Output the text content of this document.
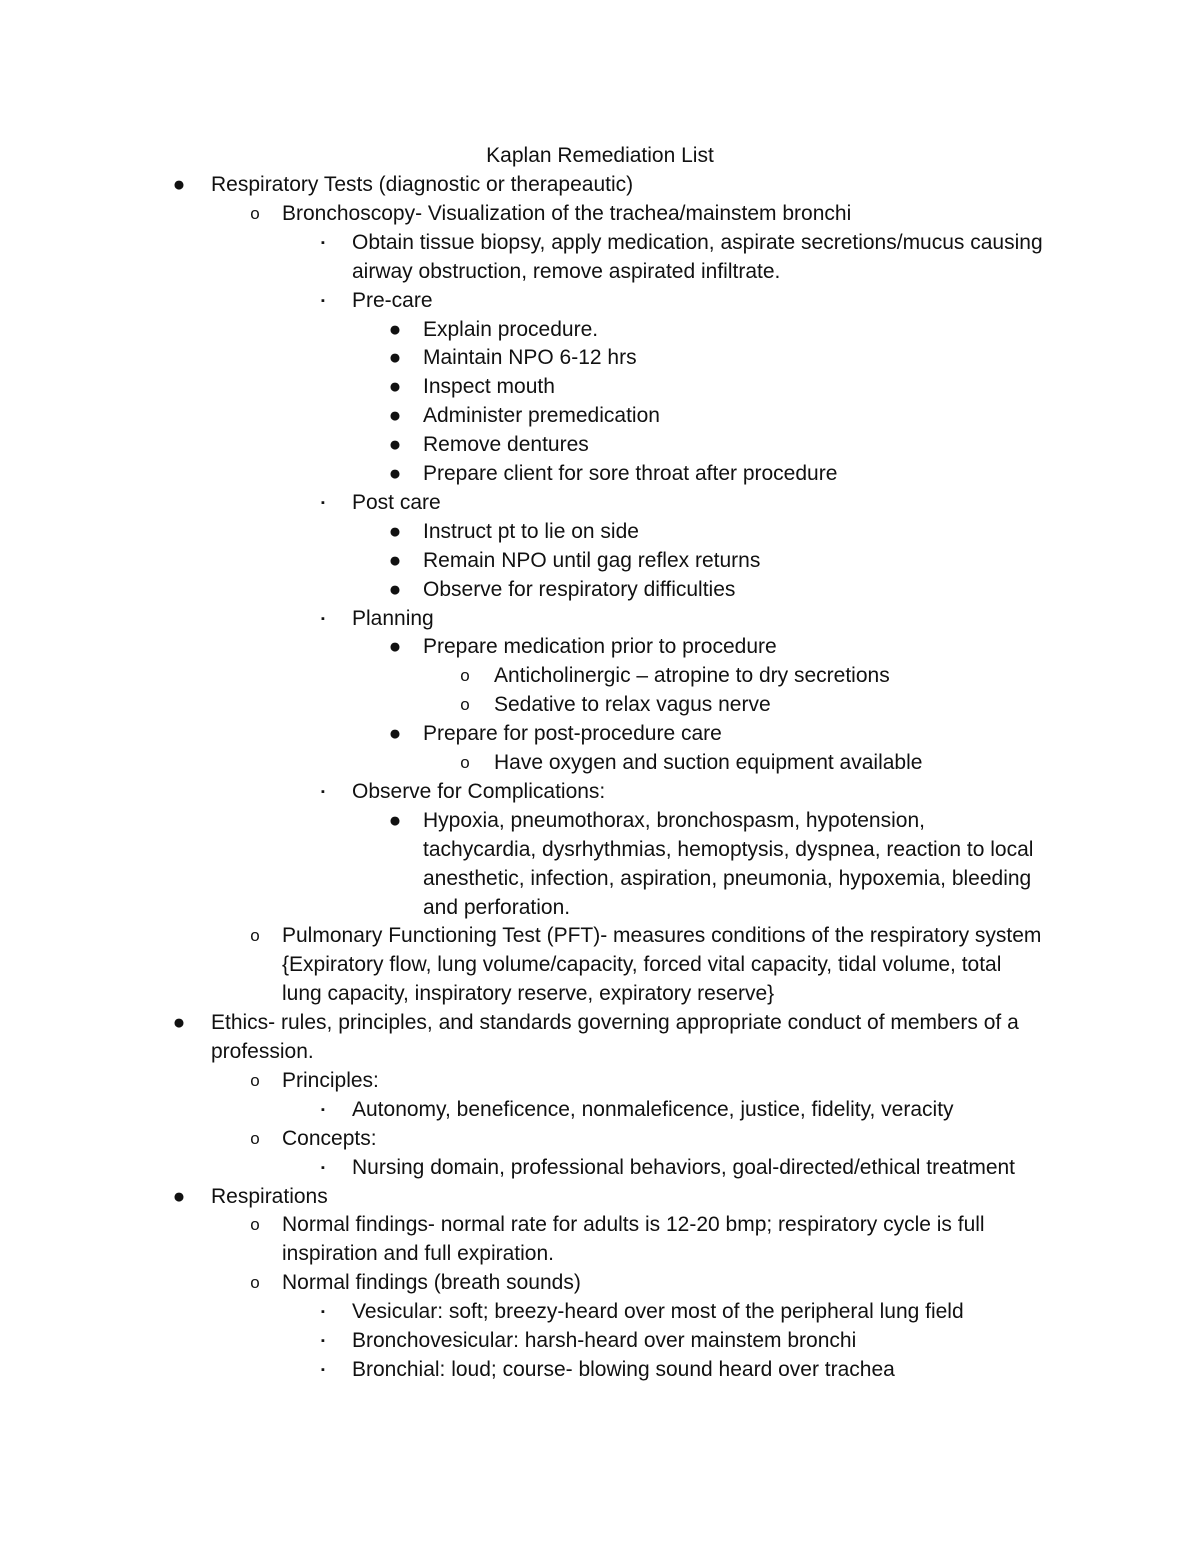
Kaplan Remediation List
● Respiratory Tests (diagnostic or therapeautic)
o Bronchoscopy- Visualization of the trachea/mainstem bronchi
▪ Obtain tissue biopsy, apply medication, aspirate secretions/mucus causing
airway obstruction, remove aspirated infiltrate.
▪ Pre-care
● Explain procedure.
● Maintain NPO 6-12 hrs
● Inspect mouth
● Administer premedication
● Remove dentures
● Prepare client for sore throat after procedure
▪ Post care
● Instruct pt to lie on side
● Remain NPO until gag reflex returns
● Observe for respiratory difficulties
▪ Planning
● Prepare medication prior to procedure
o Anticholinergic – atropine to dry secretions
o Sedative to relax vagus nerve
● Prepare for post-procedure care
o Have oxygen and suction equipment available
▪ Observe for Complications:
● Hypoxia, pneumothorax, bronchospasm, hypotension,
tachycardia, dysrhythmias, hemoptysis, dyspnea, reaction to local
anesthetic, infection, aspiration, pneumonia, hypoxemia, bleeding
and perforation.
o Pulmonary Functioning Test (PFT)- measures conditions of the respiratory system
{Expiratory flow, lung volume/capacity, forced vital capacity, tidal volume, total
lung capacity, inspiratory reserve, expiratory reserve}
● Ethics- rules, principles, and standards governing appropriate conduct of members of a
profession.
o Principles:
▪ Autonomy, beneficence, nonmaleficence, justice, fidelity, veracity
o Concepts:
▪ Nursing domain, professional behaviors, goal-directed/ethical treatment
● Respirations
o Normal findings- normal rate for adults is 12-20 bmp; respiratory cycle is full
inspiration and full expiration.
o Normal findings (breath sounds)
▪ Vesicular: soft; breezy-heard over most of the peripheral lung field
▪ Bronchovesicular: harsh-heard over mainstem bronchi
▪ Bronchial: loud; course- blowing sound heard over trachea
